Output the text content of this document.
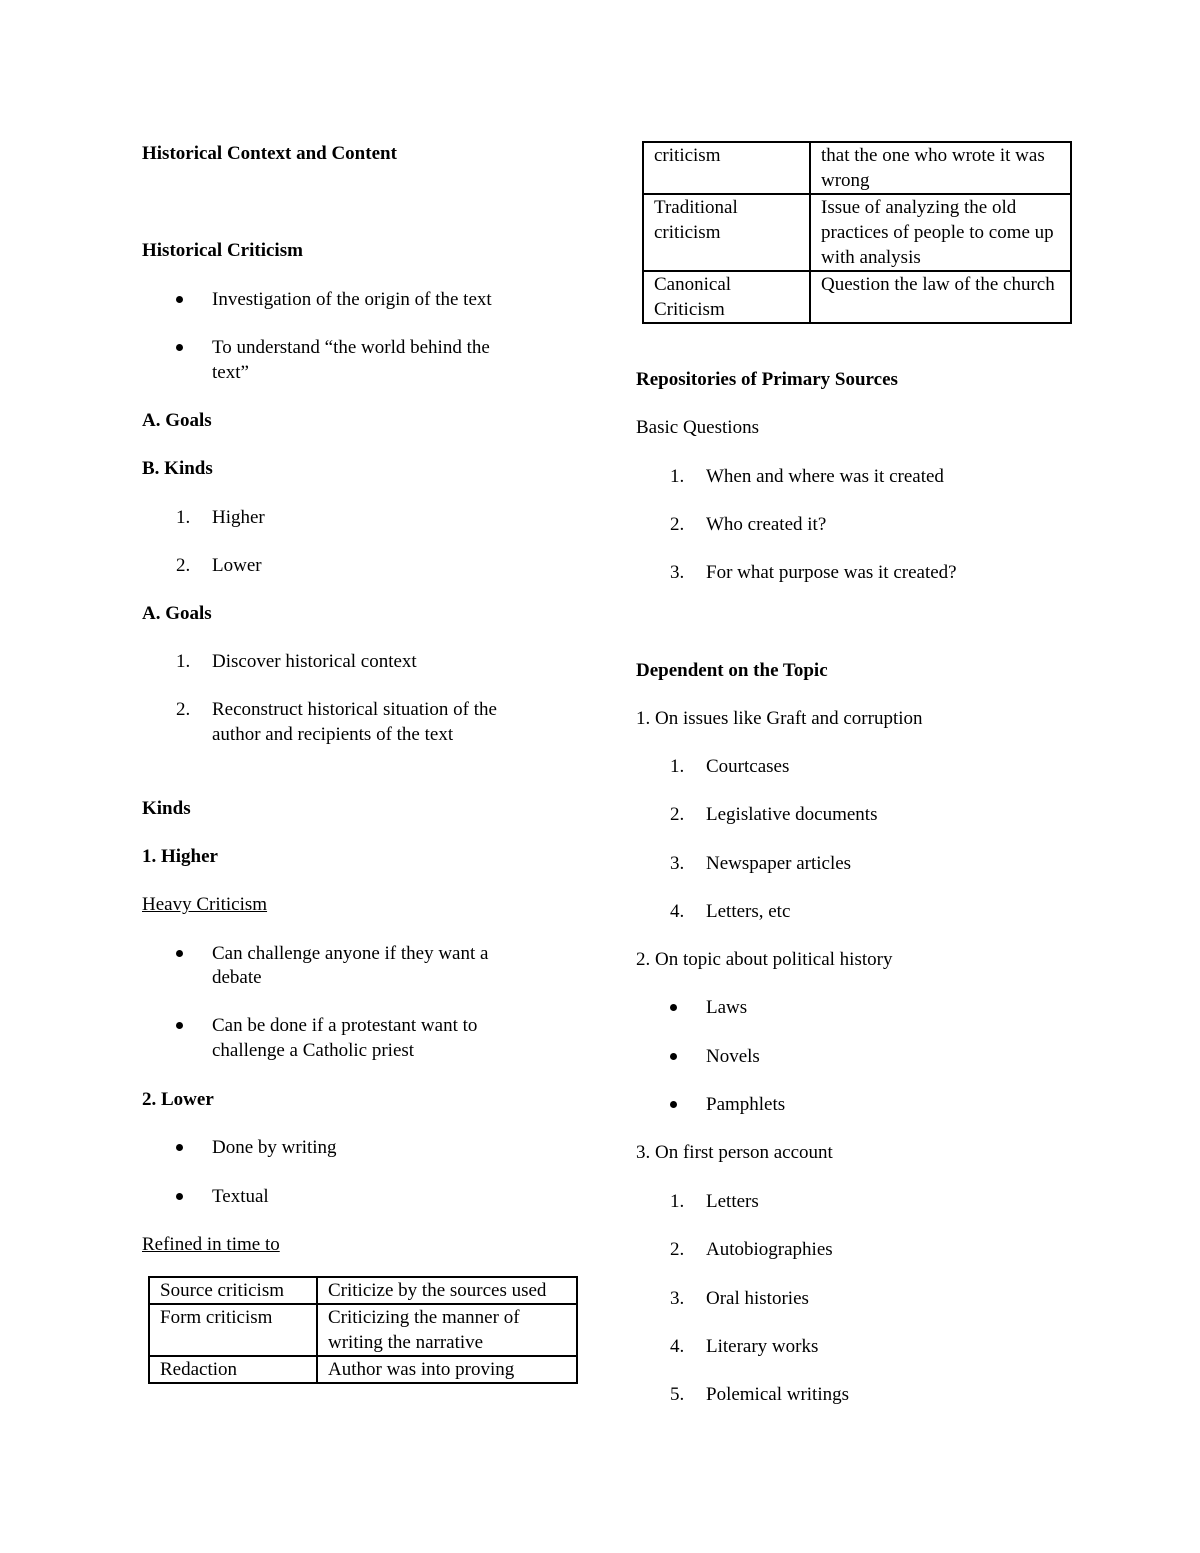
Historical Context and Content
Historical Criticism
Investigation of the origin of the text
To understand “the world behind the
text”
A. Goals
B. Kinds
1. Higher
2. Lower
A. Goals
1. Discover historical context
2. Reconstruct historical situation of the
author and recipients of the text
Kinds
1. Higher
Heavy Criticism
Can challenge anyone if they want a
debate
Can be done if a protestant want to
challenge a Catholic priest
2. Lower
Done by writing
Textual
Refined in time to
Source criticism	Criticize by the sources used
Form criticism	Criticizing the manner of writing the narrative
Redaction	Author was into proving
criticism	that the one who wrote it was wrong
Traditional criticism	Issue of analyzing the old practices of people to come up with analysis
Canonical Criticism	Question the law of the church
Repositories of Primary Sources
Basic Questions
1. When and where was it created
2. Who created it?
3. For what purpose was it created?
Dependent on the Topic
1. On issues like Graft and corruption
1. Courtcases
2. Legislative documents
3. Newspaper articles
4. Letters, etc
2. On topic about political history
Laws
Novels
Pamphlets
3. On first person account
1. Letters
2. Autobiographies
3. Oral histories
4. Literary works
5. Polemical writings
